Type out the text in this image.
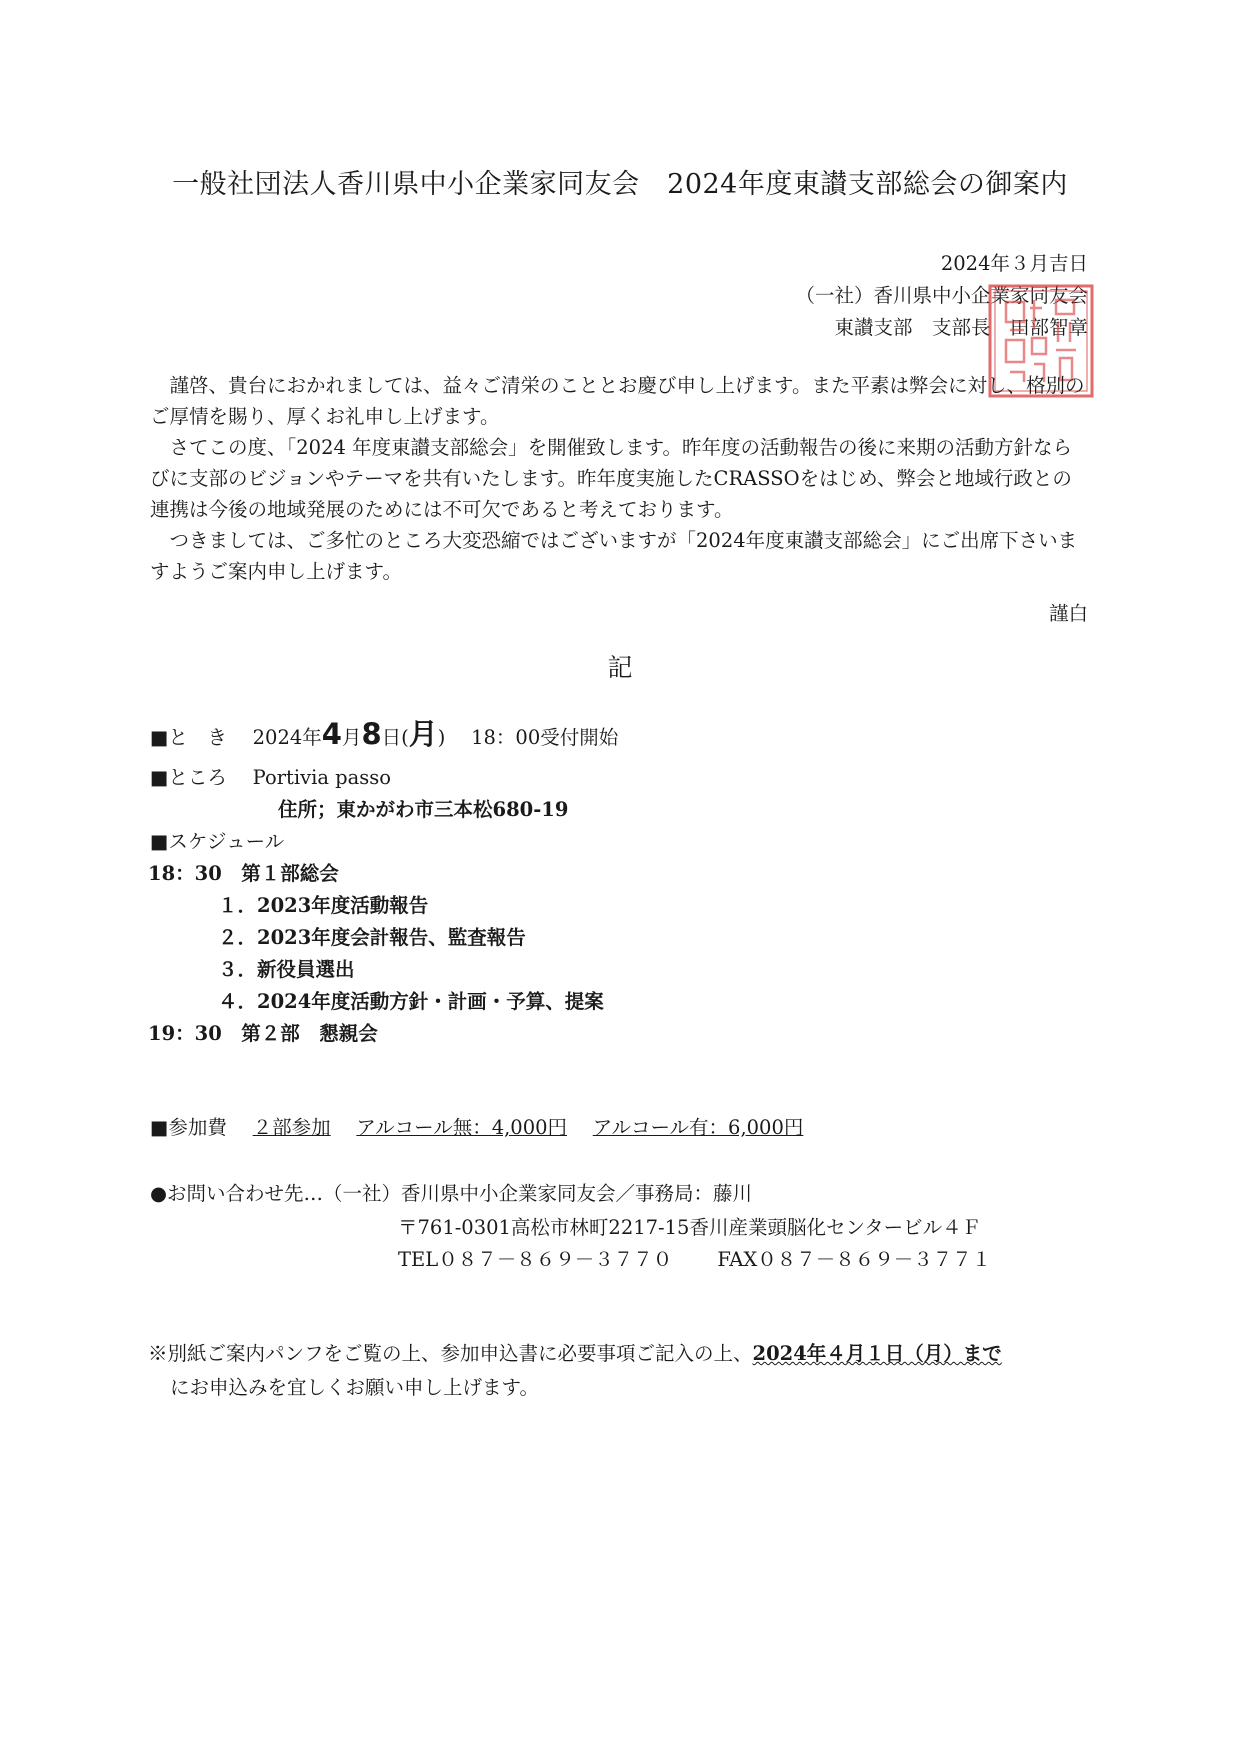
一般社団法人香川県中小企業家同友会　2024年度東讃支部総会の御案内
2024年３月吉日
（一社）香川県中小企業家同友会
東讃支部　支部長　田部智章
　謹啓、貴台におかれましては、益々ご清栄のこととお慶び申し上げます。また平素は弊会に対し、格別のご厚情を賜り、厚くお礼申し上げます。
　さてこの度、「2024 年度東讃支部総会」を開催致します。昨年度の活動報告の後に来期の活動方針ならびに支部のビジョンやテーマを共有いたします。昨年度実施したCRASSOをはじめ、弊会と地域行政との連携は今後の地域発展のためには不可欠であると考えております。
　つきましては、ご多忙のところ大変恐縮ではございますが「2024年度東讃支部総会」にご出席下さいますようご案内申し上げます。
謹白
記
■と　き　 2024年4月8日(月)　 18：00受付開始
■ところ　 Portivia passo
住所；東かがわ市三本松680-19
■スケジュール
18：30　第１部総会
１．2023年度活動報告
２．2023年度会計報告、監査報告
３．新役員選出
４．2024年度活動方針・計画・予算、提案
19：30　第２部　懇親会
■参加費　 ２部参加　 アルコール無：4,000円　 アルコール有：6,000円
●お問い合わせ先…（一社）香川県中小企業家同友会／事務局：藤川
〒761-0301高松市林町2217-15香川産業頭脳化センタービル４Ｆ
TEL０８７－８６９－３７７０　　 FAX０８７－８６９－３７７１
※別紙ご案内パンフをご覧の上、参加申込書に必要事項ご記入の上、2024年４月１日（月）まで
にお申込みを宜しくお願い申し上げます。
